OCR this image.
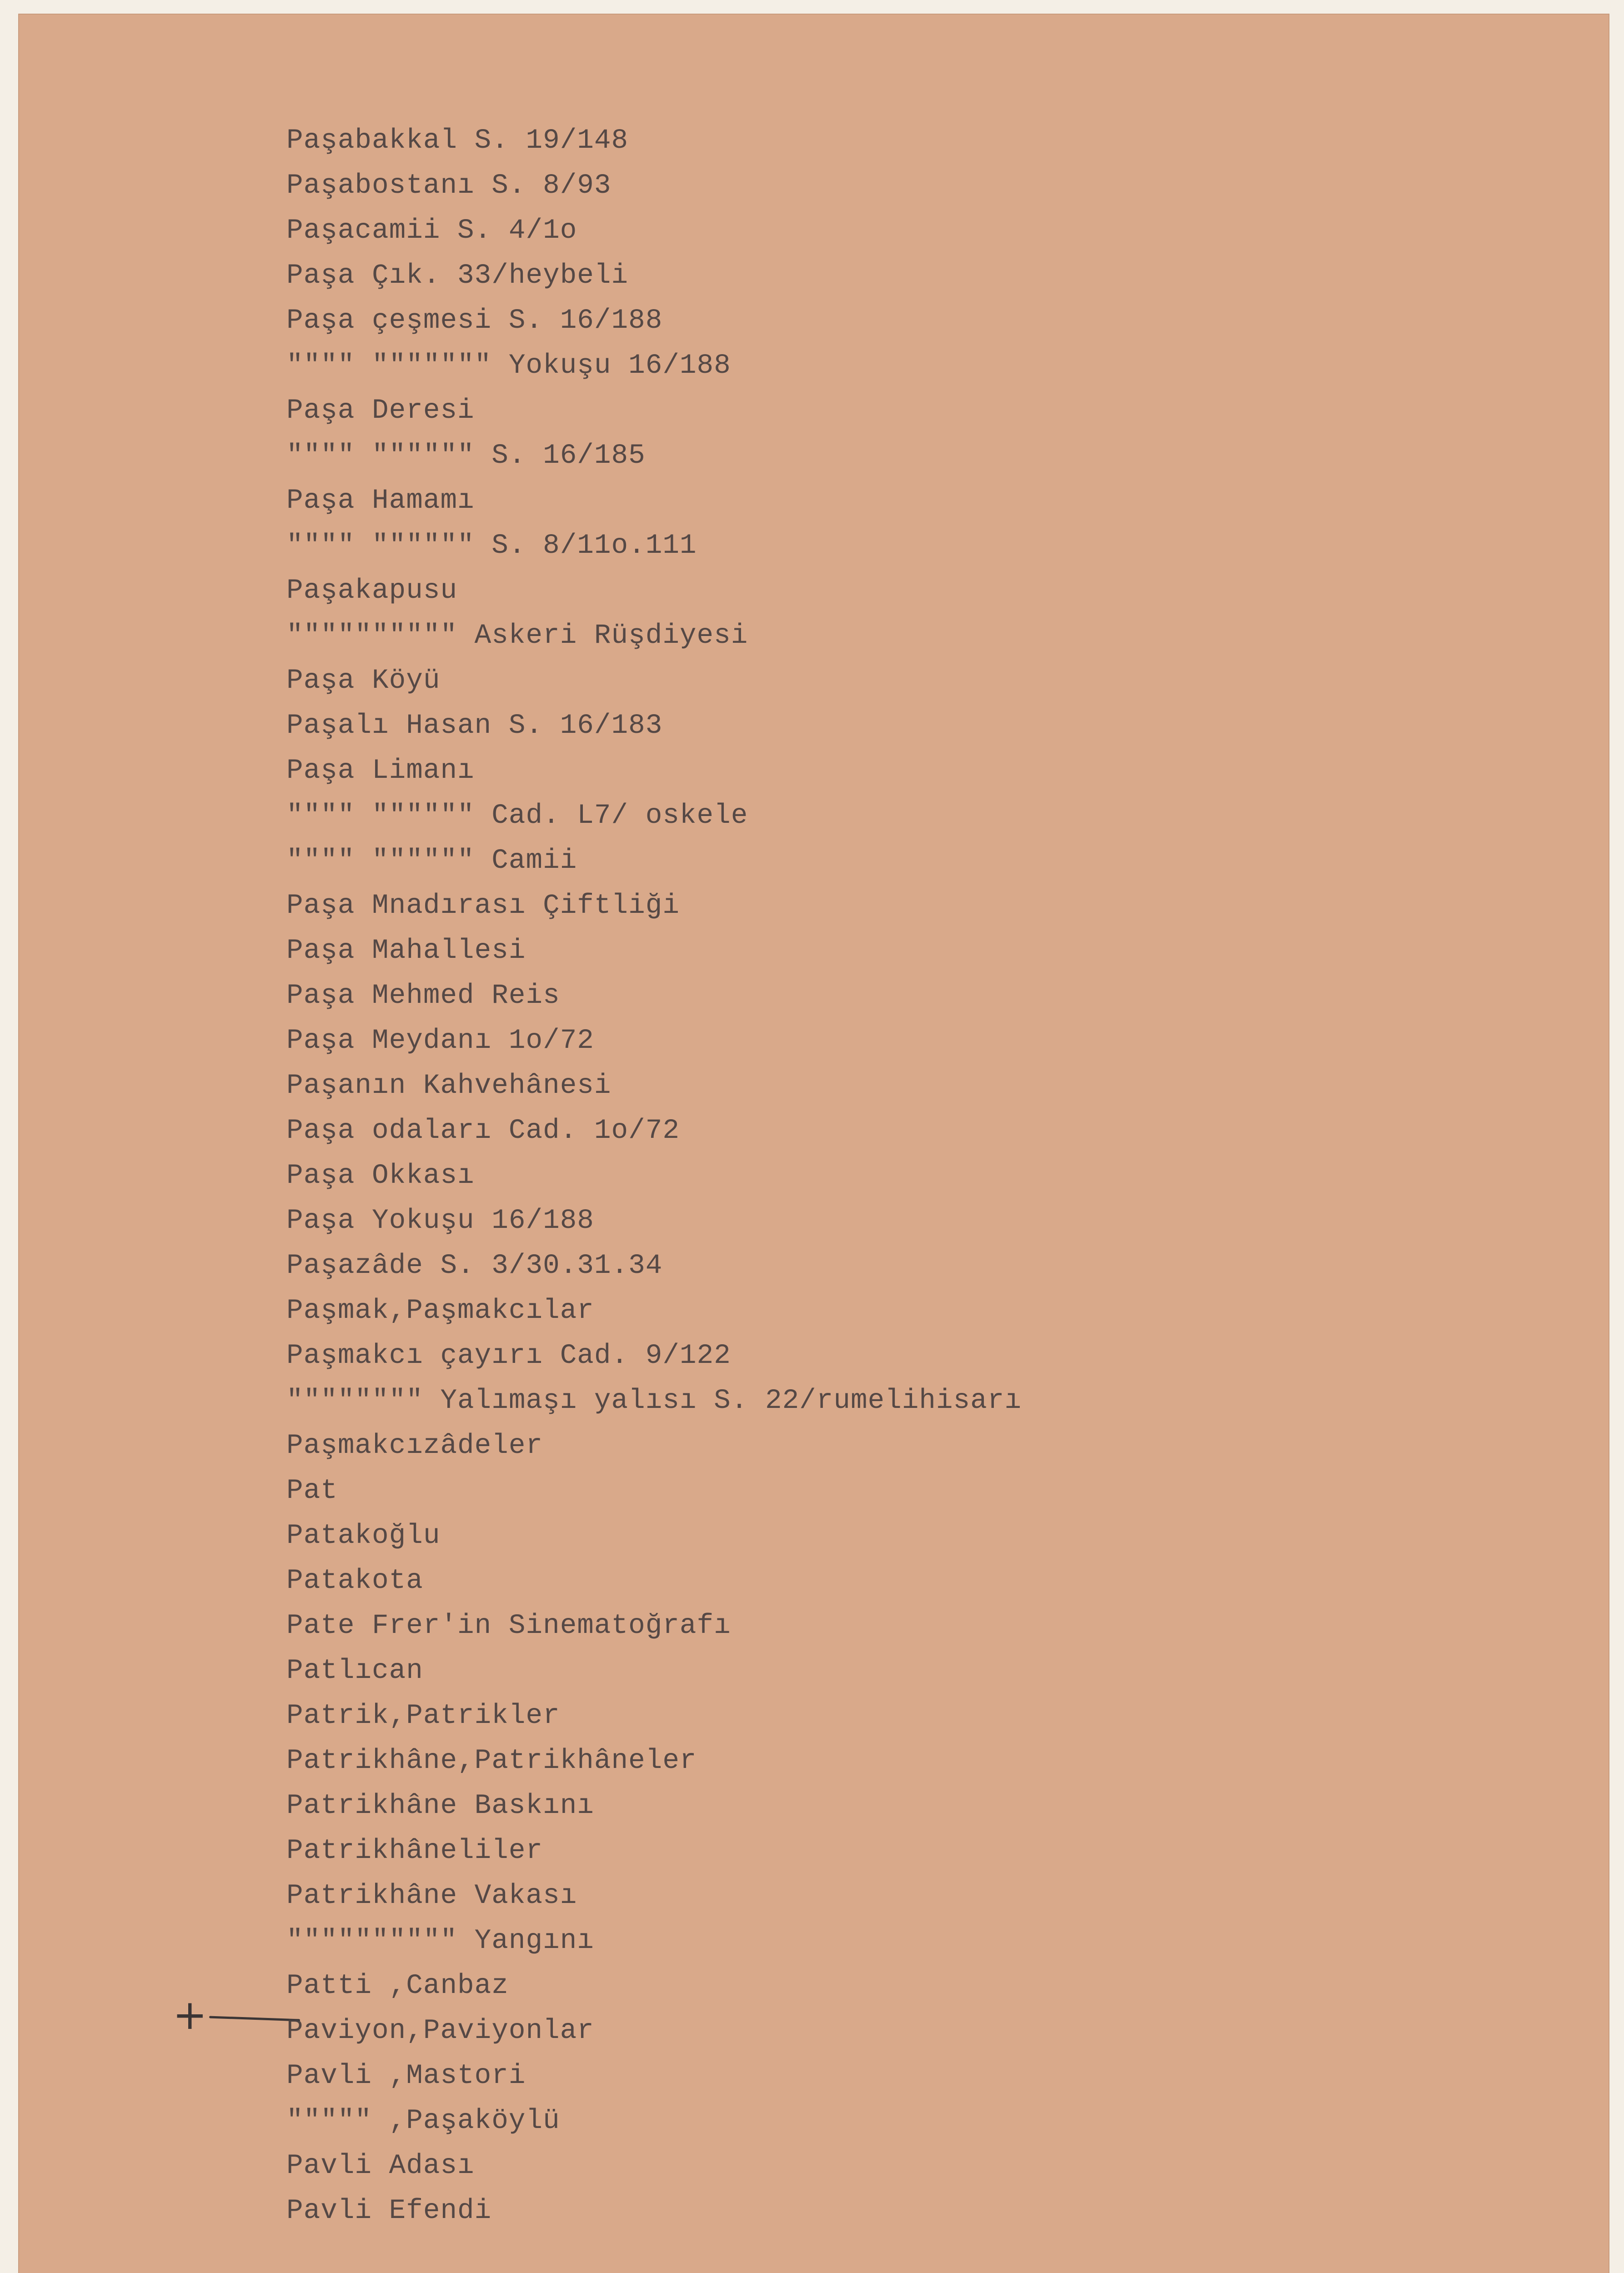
+
Paşabakkal S. 19/148
Paşabostanı S. 8/93
Paşacamii S. 4/1o
Paşa Çık. 33/heybeli
Paşa çeşmesi S. 16/188
"""" """"""" Yokuşu 16/188
Paşa Deresi
"""" """""" S. 16/185
Paşa Hamamı
"""" """""" S. 8/11o.111
Paşakapusu
"""""""""" Askeri Rüşdiyesi
Paşa Köyü
Paşalı Hasan S. 16/183
Paşa Limanı
"""" """""" Cad. L7/ oskele
"""" """""" Camii
Paşa Mnadırası Çiftliği
Paşa Mahallesi
Paşa Mehmed Reis
Paşa Meydanı 1o/72
Paşanın Kahvehânesi
Paşa odaları Cad. 1o/72
Paşa Okkası
Paşa Yokuşu 16/188
Paşazâde S. 3/30.31.34
Paşmak,Paşmakcılar
Paşmakcı çayırı Cad. 9/122
"""""""" Yalımaşı yalısı S. 22/rumelihisarı
Paşmakcızâdeler
Pat
Patakoğlu
Patakota
Pate Frer'in Sinematoğrafı
Patlıcan
Patrik,Patrikler
Patrikhâne,Patrikhâneler
Patrikhâne Baskını
Patrikhâneliler
Patrikhâne Vakası
"""""""""" Yangını
Patti ,Canbaz
Paviyon,Paviyonlar
Pavli ,Mastori
""""" ,Paşaköylü
Pavli Adası
Pavli Efendi
